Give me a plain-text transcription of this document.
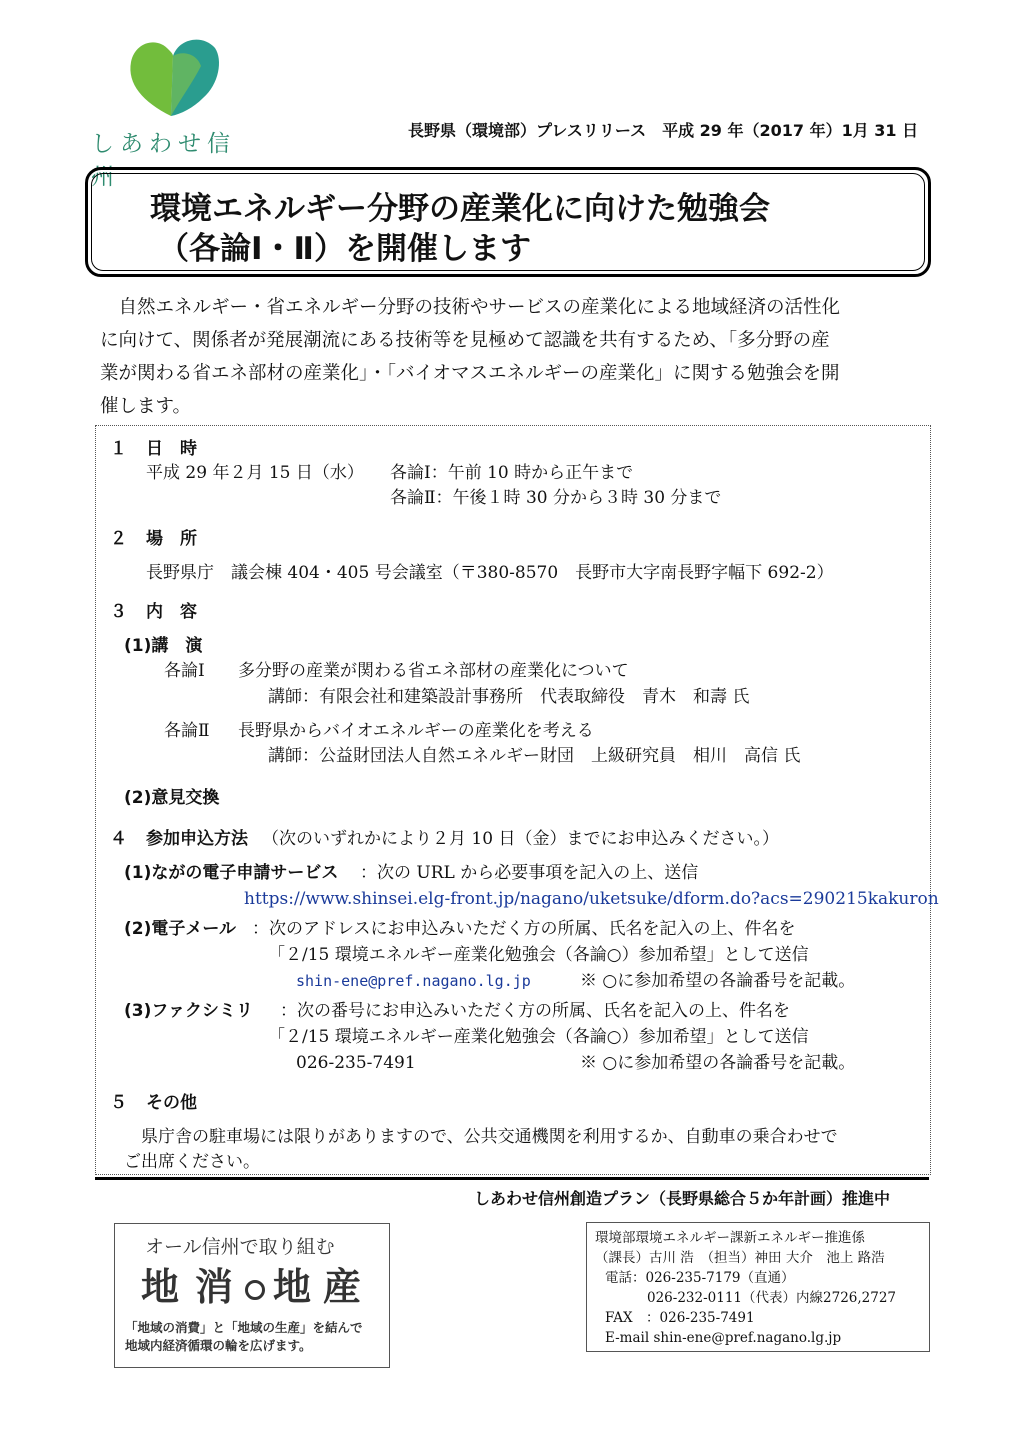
しあわせ信州
長野県（環境部）プレスリリース　平成 29 年（2017 年）1月 31 日
環境エネルギー分野の産業化に向けた勉強会
（各論Ⅰ・Ⅱ）を開催します
　自然エネルギー・省エネルギー分野の技術やサービスの産業化による地域経済の活性化
に向けて、関係者が発展潮流にある技術等を見極めて認識を共有するため、「多分野の産
業が関わる省エネ部材の産業化」・「バイオマスエネルギーの産業化」に関する勉強会を開
催します。
１ 日　時
平成 29 年２月 15 日（水） 各論Ⅰ：午前 10 時から正午まで
各論Ⅱ：午後１時 30 分から３時 30 分まで
２ 場　所
長野県庁　議会棟 404・405 号会議室（〒380-8570　長野市大字南長野字幅下 692-2）
３ 内　容
(1)講　演
各論Ⅰ 多分野の産業が関わる省エネ部材の産業化について
講師：有限会社和建築設計事務所　代表取締役　青木　和壽 氏
各論Ⅱ 長野県からバイオエネルギーの産業化を考える
講師：公益財団法人自然エネルギー財団　上級研究員　相川　高信 氏
(2)意見交換
４ 参加申込方法 （次のいずれかにより２月 10 日（金）までにお申込みください。）
(1)ながの電子申請サービス ：次の URL から必要事項を記入の上、送信
https://www.shinsei.elg-front.jp/nagano/uketsuke/dform.do?acs=290215kakuron
(2)電子メール ：次のアドレスにお申込みいただく方の所属、氏名を記入の上、件名を
「２/15 環境エネルギー産業化勉強会（各論○）参加希望」として送信
shin-ene@pref.nagano.lg.jp	※ ○に参加希望の各論番号を記載。
(3)ファクシミリ ：次の番号にお申込みいただく方の所属、氏名を記入の上、件名を
「２/15 環境エネルギー産業化勉強会（各論○）参加希望」として送信
026-235-7491	※ ○に参加希望の各論番号を記載。
５ その他
　県庁舎の駐車場には限りがありますので、公共交通機関を利用するか、自動車の乗合わせで
ご出席ください。
しあわせ信州創造プラン（長野県総合５か年計画）推進中
オール信州で取り組む
地 消 地 産
「地域の消費」と「地域の生産」を結んで
地域内経済循環の輪を広げます。
環境部環境エネルギー課新エネルギー推進係
（課長）古川 浩　（担当）神田 大介　池上 路浩
電話：026-235-7179（直通）
026-232-0111（代表）内線2726,2727
FAX　：026-235-7491
E-mail shin-ene@pref.nagano.lg.jp
